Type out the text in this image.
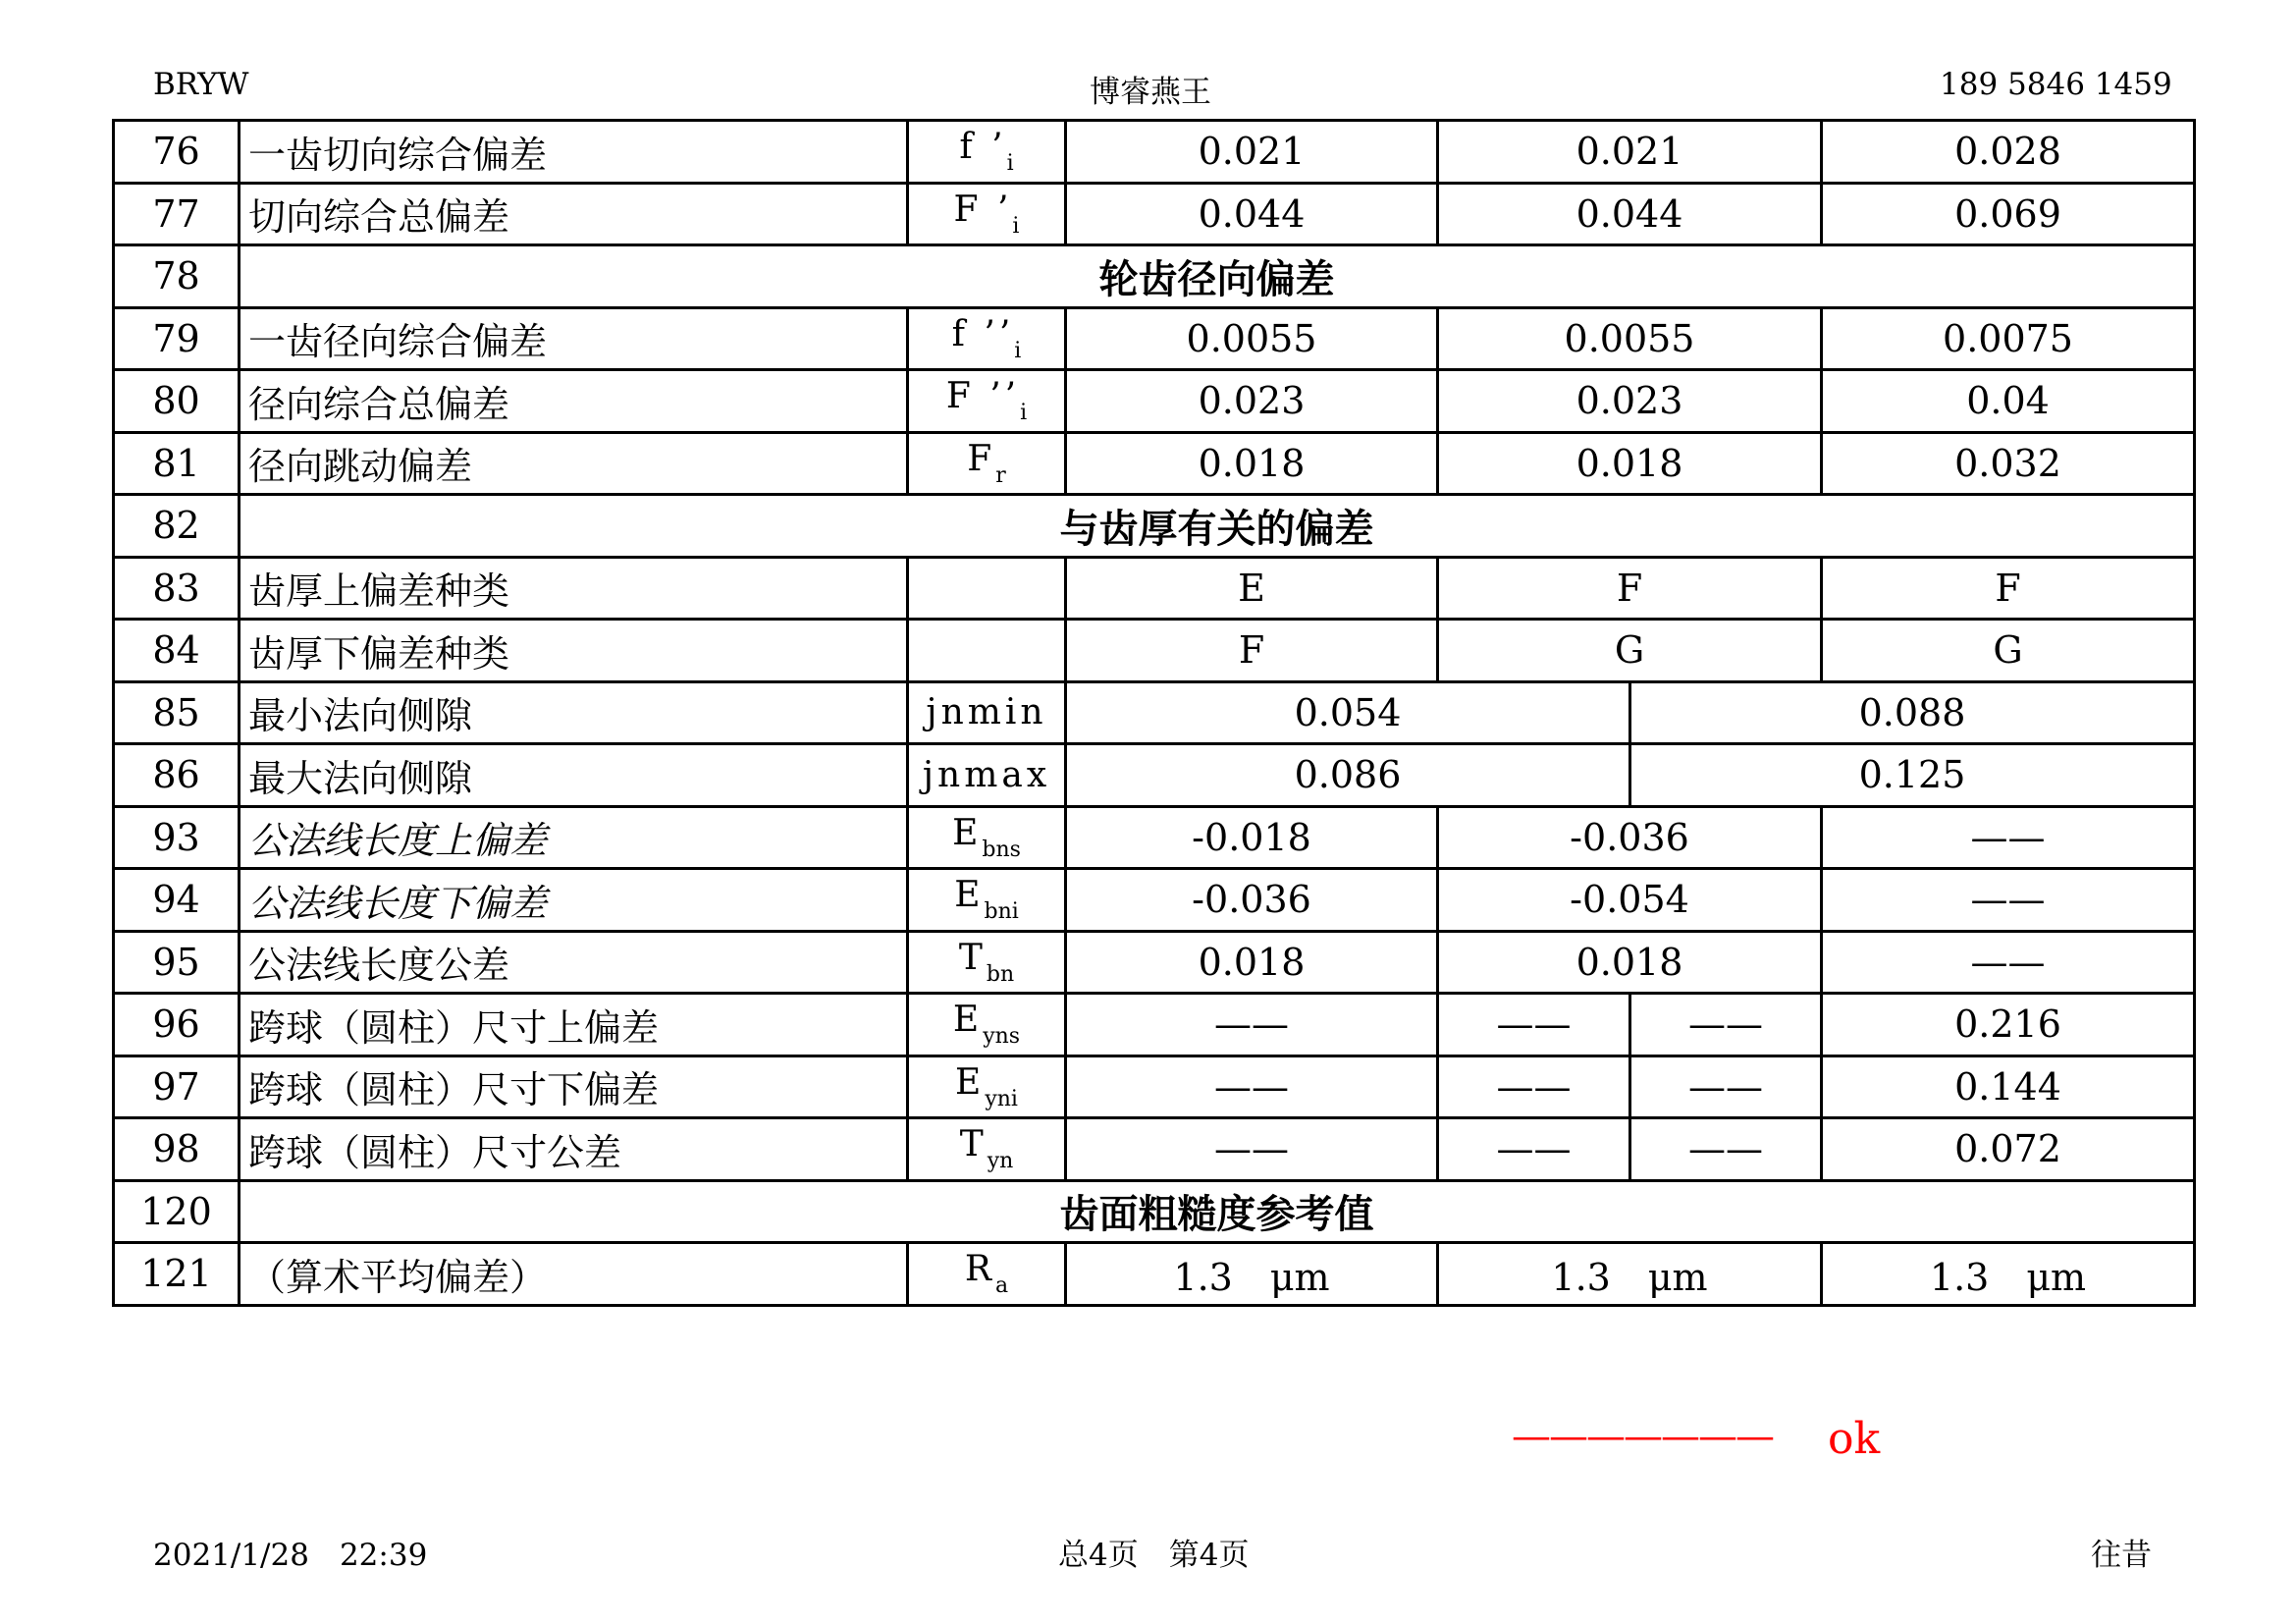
BRYW	博睿燕王	189 5846 1459
76	一齿切向综合偏差	f $’_i$	0.021	0.021		0.028
77	切向综合总偏差	F $’_i$	0.044	0.044		0.069
78	轮齿径向偏差					
79	一齿径向综合偏差	f $’’_i$	0.0055	0.0055		0.0075
80	径向综合总偏差	F $’’_i$	0.023	0.023		0.04
81	径向跳动偏差	$F_r$	0.018	0.018		0.032
82	与齿厚有关的偏差					
83	齿厚上偏差种类		E	F		F
84	齿厚下偏差种类		F	G		G
85	最小法向侧隙	jnmin	0.054		0.088	
86	最大法向侧隙	jnmax	0.086		0.125	
93	公法线长度上偏差	$E_{bns}$	-0.018	-0.036		——
94	公法线长度下偏差	$E_{bni}$	-0.036	-0.054		——
95	公法线长度公差	$T_{bn}$	0.018	0.018		——
96	跨球（圆柱）尺寸上偏差	$E_{yns}$	——	——	——	0.216
97	跨球（圆柱）尺寸下偏差	$E_{yni}$	——	——	——	0.144
98	跨球（圆柱）尺寸公差	$T_{yn}$	——	——	——	0.072
120	齿面粗糙度参考值					
121	（算术平均偏差）	$R_a$	1.3　μm	1.3　μm		1.3　μm
——————— ok
2021/1/28　22:39	总4页　第4页	往昔
